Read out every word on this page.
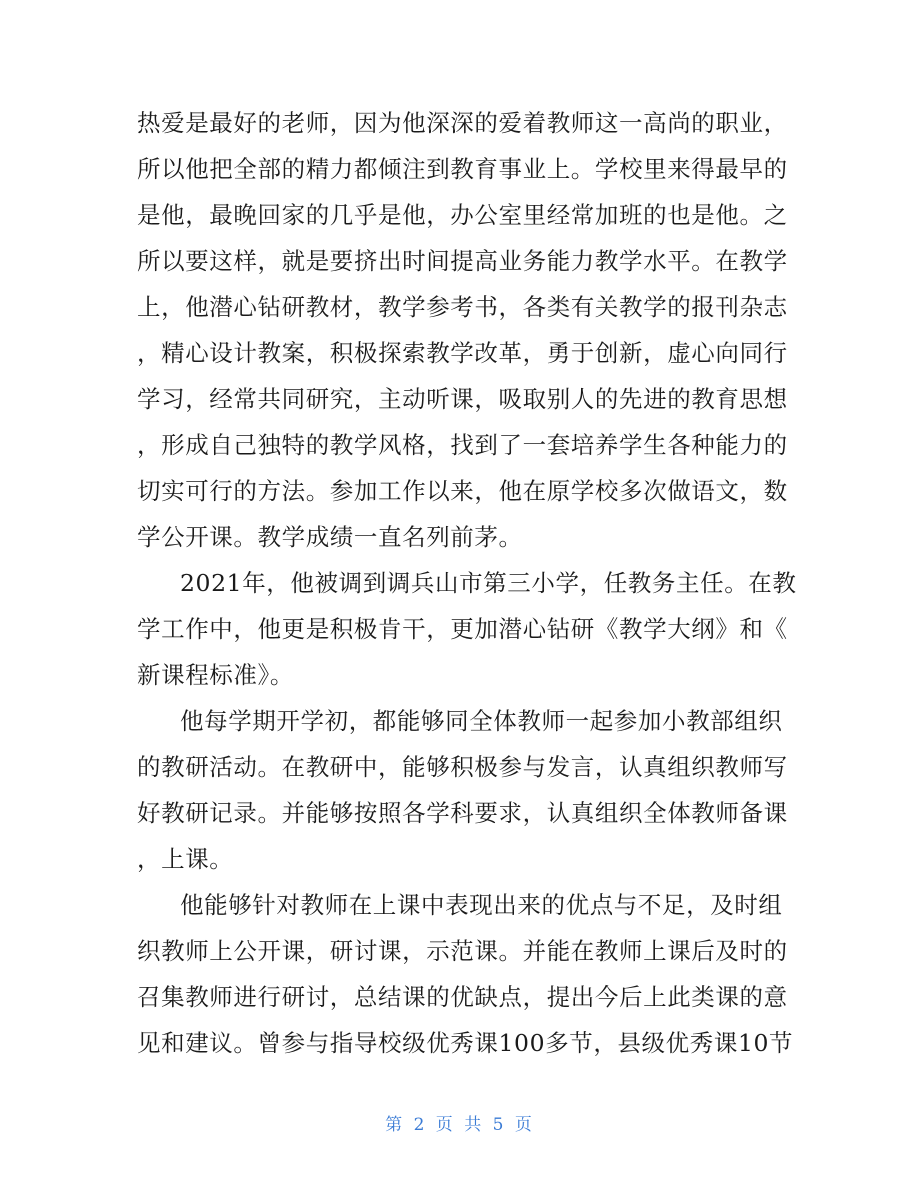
热爱是最好的老师，因为他深深的爱着教师这一高尚的职业，
所以他把全部的精力都倾注到教育事业上。学校里来得最早的
是他，最晚回家的几乎是他，办公室里经常加班的也是他。之
所以要这样，就是要挤出时间提高业务能力教学水平。在教学
上，他潜心钻研教材，教学参考书，各类有关教学的报刊杂志
，精心设计教案，积极探索教学改革，勇于创新，虚心向同行
学习，经常共同研究，主动听课，吸取别人的先进的教育思想
，形成自己独特的教学风格，找到了一套培养学生各种能力的
切实可行的方法。参加工作以来，他在原学校多次做语文，数
学公开课。教学成绩一直名列前茅。
2021年，他被调到调兵山市第三小学，任教务主任。在教
学工作中，他更是积极肯干，更加潜心钻研《教学大纲》和《
新课程标准》。
他每学期开学初，都能够同全体教师一起参加小教部组织
的教研活动。在教研中，能够积极参与发言，认真组织教师写
好教研记录。并能够按照各学科要求，认真组织全体教师备课
，上课。
他能够针对教师在上课中表现出来的优点与不足，及时组
织教师上公开课，研讨课，示范课。并能在教师上课后及时的
召集教师进行研讨，总结课的优缺点，提出今后上此类课的意
见和建议。曾参与指导校级优秀课100多节，县级优秀课10节
第 2 页 共 5 页
